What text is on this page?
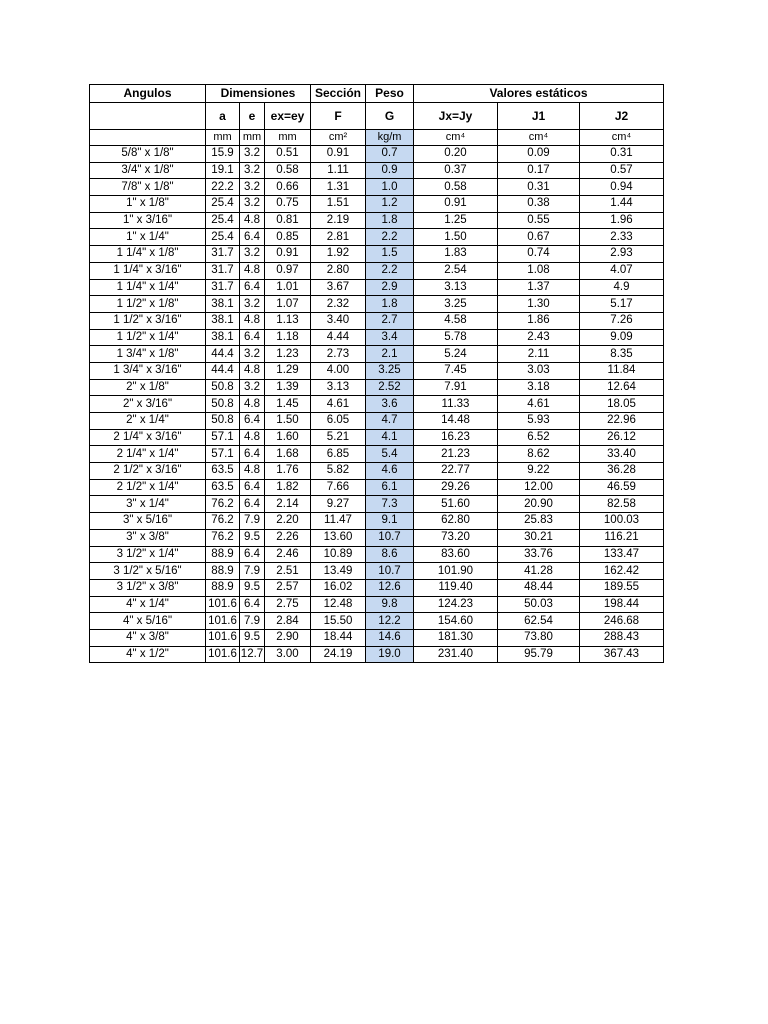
Angulos	Dimensiones			Sección	Peso	Valores estáticos		
	a	e	ex=ey	F	G	Jx=Jy	J1	J2
	mm	mm	mm	cm²	kg/m	cm⁴	cm⁴	cm⁴
5/8" x 1/8"	15.9	3.2	0.51	0.91	0.7	0.20	0.09	0.31
3/4" x 1/8"	19.1	3.2	0.58	1.11	0.9	0.37	0.17	0.57
7/8" x 1/8"	22.2	3.2	0.66	1.31	1.0	0.58	0.31	0.94
1" x 1/8"	25.4	3.2	0.75	1.51	1.2	0.91	0.38	1.44
1" x 3/16"	25.4	4.8	0.81	2.19	1.8	1.25	0.55	1.96
1" x 1/4"	25.4	6.4	0.85	2.81	2.2	1.50	0.67	2.33
1 1/4" x 1/8"	31.7	3.2	0.91	1.92	1.5	1.83	0.74	2.93
1 1/4" x 3/16"	31.7	4.8	0.97	2.80	2.2	2.54	1.08	4.07
1 1/4" x 1/4"	31.7	6.4	1.01	3.67	2.9	3.13	1.37	4.9
1 1/2" x 1/8"	38.1	3.2	1.07	2.32	1.8	3.25	1.30	5.17
1 1/2" x 3/16"	38.1	4.8	1.13	3.40	2.7	4.58	1.86	7.26
1 1/2" x 1/4"	38.1	6.4	1.18	4.44	3.4	5.78	2.43	9.09
1 3/4" x 1/8"	44.4	3.2	1.23	2.73	2.1	5.24	2.11	8.35
1 3/4" x 3/16"	44.4	4.8	1.29	4.00	3.25	7.45	3.03	11.84
2" x 1/8"	50.8	3.2	1.39	3.13	2.52	7.91	3.18	12.64
2" x 3/16"	50.8	4.8	1.45	4.61	3.6	11.33	4.61	18.05
2" x 1/4"	50.8	6.4	1.50	6.05	4.7	14.48	5.93	22.96
2 1/4" x 3/16"	57.1	4.8	1.60	5.21	4.1	16.23	6.52	26.12
2 1/4" x 1/4"	57.1	6.4	1.68	6.85	5.4	21.23	8.62	33.40
2 1/2" x 3/16"	63.5	4.8	1.76	5.82	4.6	22.77	9.22	36.28
2 1/2" x 1/4"	63.5	6.4	1.82	7.66	6.1	29.26	12.00	46.59
3" x 1/4"	76.2	6.4	2.14	9.27	7.3	51.60	20.90	82.58
3" x 5/16"	76.2	7.9	2.20	11.47	9.1	62.80	25.83	100.03
3" x 3/8"	76.2	9.5	2.26	13.60	10.7	73.20	30.21	116.21
3 1/2" x 1/4"	88.9	6.4	2.46	10.89	8.6	83.60	33.76	133.47
3 1/2" x 5/16"	88.9	7.9	2.51	13.49	10.7	101.90	41.28	162.42
3 1/2" x 3/8"	88.9	9.5	2.57	16.02	12.6	119.40	48.44	189.55
4" x 1/4"	101.6	6.4	2.75	12.48	9.8	124.23	50.03	198.44
4" x 5/16"	101.6	7.9	2.84	15.50	12.2	154.60	62.54	246.68
4" x 3/8"	101.6	9.5	2.90	18.44	14.6	181.30	73.80	288.43
4" x 1/2"	101.6	12.7	3.00	24.19	19.0	231.40	95.79	367.43
